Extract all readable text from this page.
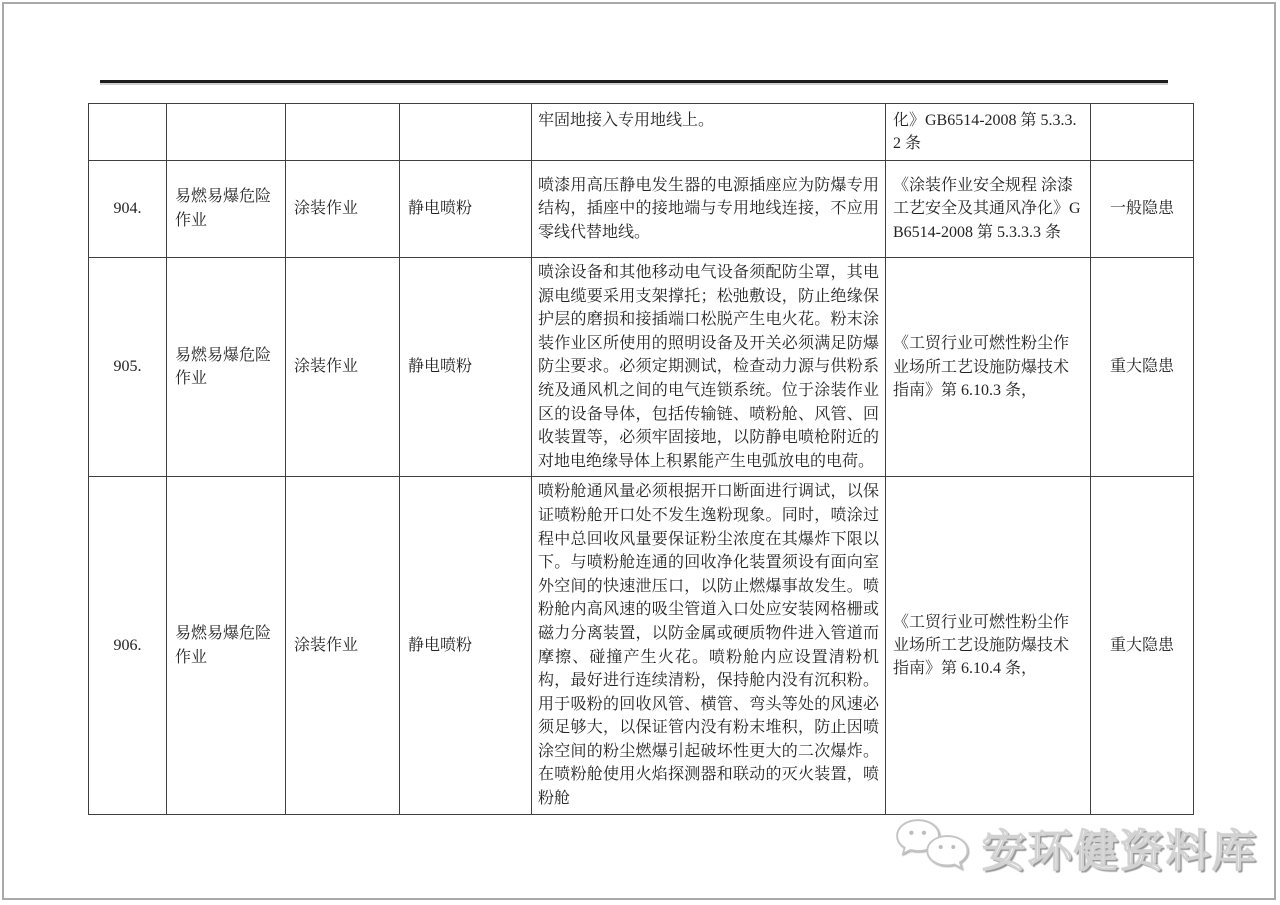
				牢固地接入专用地线上。	化》GB6514-2008 第 5.3.3.2 条	
904.	易燃易爆危险作业	涂装作业	静电喷粉	喷漆用高压静电发生器的电源插座应为防爆专用结构，插座中的接地端与专用地线连接，不应用零线代替地线。	《涂装作业安全规程 涂漆工艺安全及其通风净化》GB6514-2008 第 5.3.3.3 条	一般隐患
905.	易燃易爆危险作业	涂装作业	静电喷粉	喷涂设备和其他移动电气设备须配防尘罩，其电源电缆要采用支架撑托；松弛敷设，防止绝缘保护层的磨损和接插端口松脱产生电火花。粉末涂装作业区所使用的照明设备及开关必须满足防爆防尘要求。必须定期测试，检查动力源与供粉系统及通风机之间的电气连锁系统。位于涂装作业区的设备导体，包括传输链、喷粉舱、风管、回收装置等，必须牢固接地，以防静电喷枪附近的对地电绝缘导体上积累能产生电弧放电的电荷。	《工贸行业可燃性粉尘作业场所工艺设施防爆技术指南》第 6.10.3 条，	重大隐患
906.	易燃易爆危险作业	涂装作业	静电喷粉	喷粉舱通风量必须根据开口断面进行调试，以保证喷粉舱开口处不发生逸粉现象。同时，喷涂过程中总回收风量要保证粉尘浓度在其爆炸下限以下。与喷粉舱连通的回收净化装置须设有面向室外空间的快速泄压口，以防止燃爆事故发生。喷粉舱内高风速的吸尘管道入口处应安装网格栅或磁力分离装置，以防金属或硬质物件进入管道而摩擦、碰撞产生火花。喷粉舱内应设置清粉机构，最好进行连续清粉，保持舱内没有沉积粉。用于吸粉的回收风管、横管、弯头等处的风速必须足够大，以保证管内没有粉末堆积，防止因喷涂空间的粉尘燃爆引起破坏性更大的二次爆炸。在喷粉舱使用火焰探测器和联动的灭火装置，喷粉舱	《工贸行业可燃性粉尘作业场所工艺设施防爆技术指南》第 6.10.4 条，	重大隐患
安环健资料库
